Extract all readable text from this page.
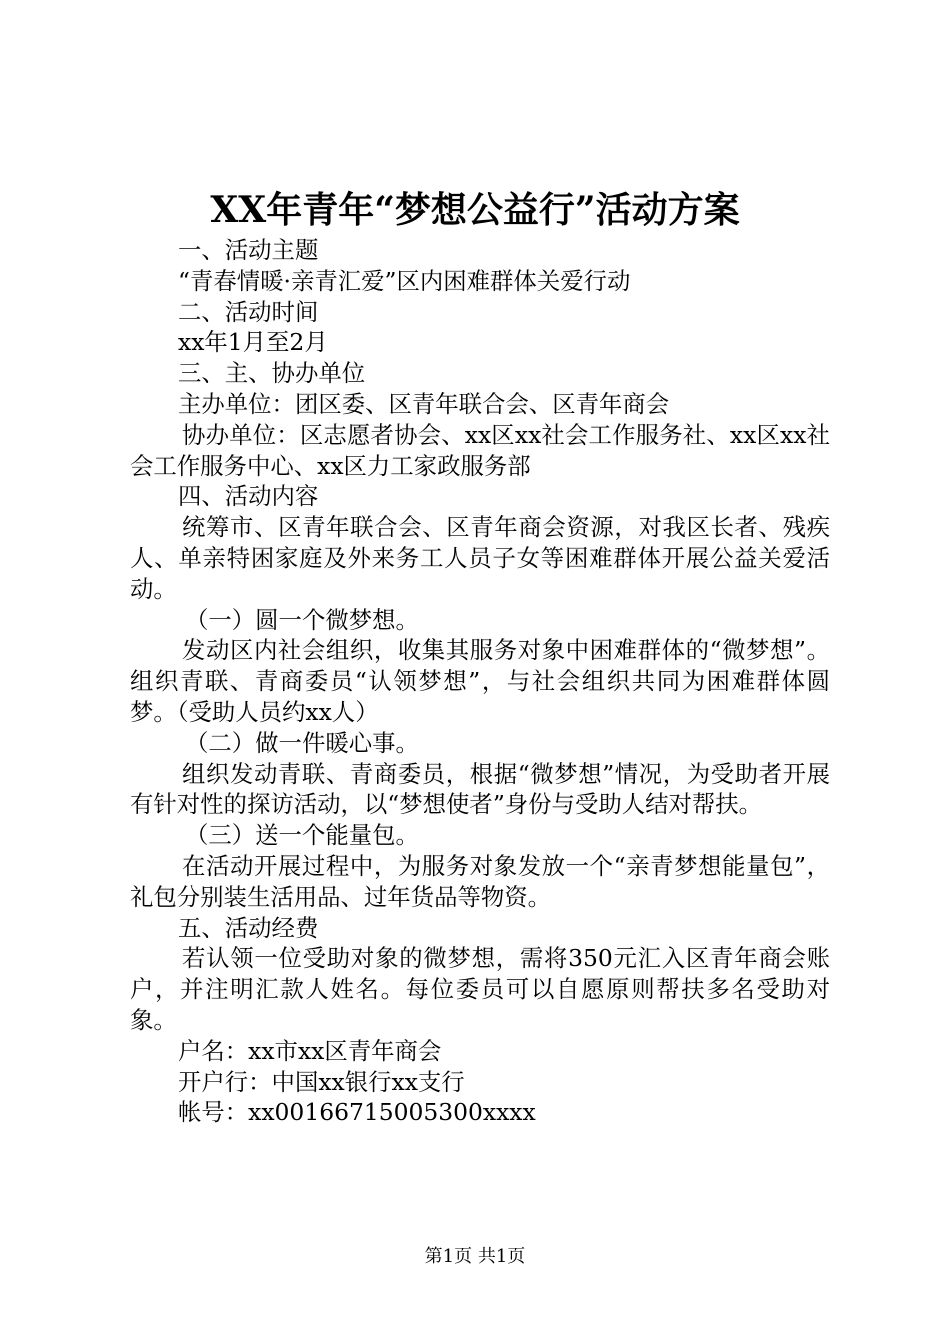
XX年青年“梦想公益行”活动方案
一、活动主题
“青春情暖·亲青汇爱”区内困难群体关爱行动
二、活动时间
xx年1月至2月
三、主、协办单位
主办单位：团区委、区青年联合会、区青年商会
协办单位：区志愿者协会、xx区xx社会工作服务社、xx区xx社会工作服务中心、xx区力工家政服务部
四、活动内容
统筹市、区青年联合会、区青年商会资源，对我区长者、残疾人、单亲特困家庭及外来务工人员子女等困难群体开展公益关爱活动。
（一）圆一个微梦想。
发动区内社会组织，收集其服务对象中困难群体的“微梦想”。组织青联、青商委员“认领梦想”，与社会组织共同为困难群体圆梦。（受助人员约xx人）
（二）做一件暖心事。
组织发动青联、青商委员，根据“微梦想”情况，为受助者开展有针对性的探访活动，以“梦想使者”身份与受助人结对帮扶。
（三）送一个能量包。
在活动开展过程中，为服务对象发放一个“亲青梦想能量包”，礼包分别装生活用品、过年货品等物资。
五、活动经费
若认领一位受助对象的微梦想，需将350元汇入区青年商会账户，并注明汇款人姓名。每位委员可以自愿原则帮扶多名受助对象。
户名：xx市xx区青年商会
开户行：中国xx银行xx支行
帐号：xx00166715005300xxxx
第1页 共1页
